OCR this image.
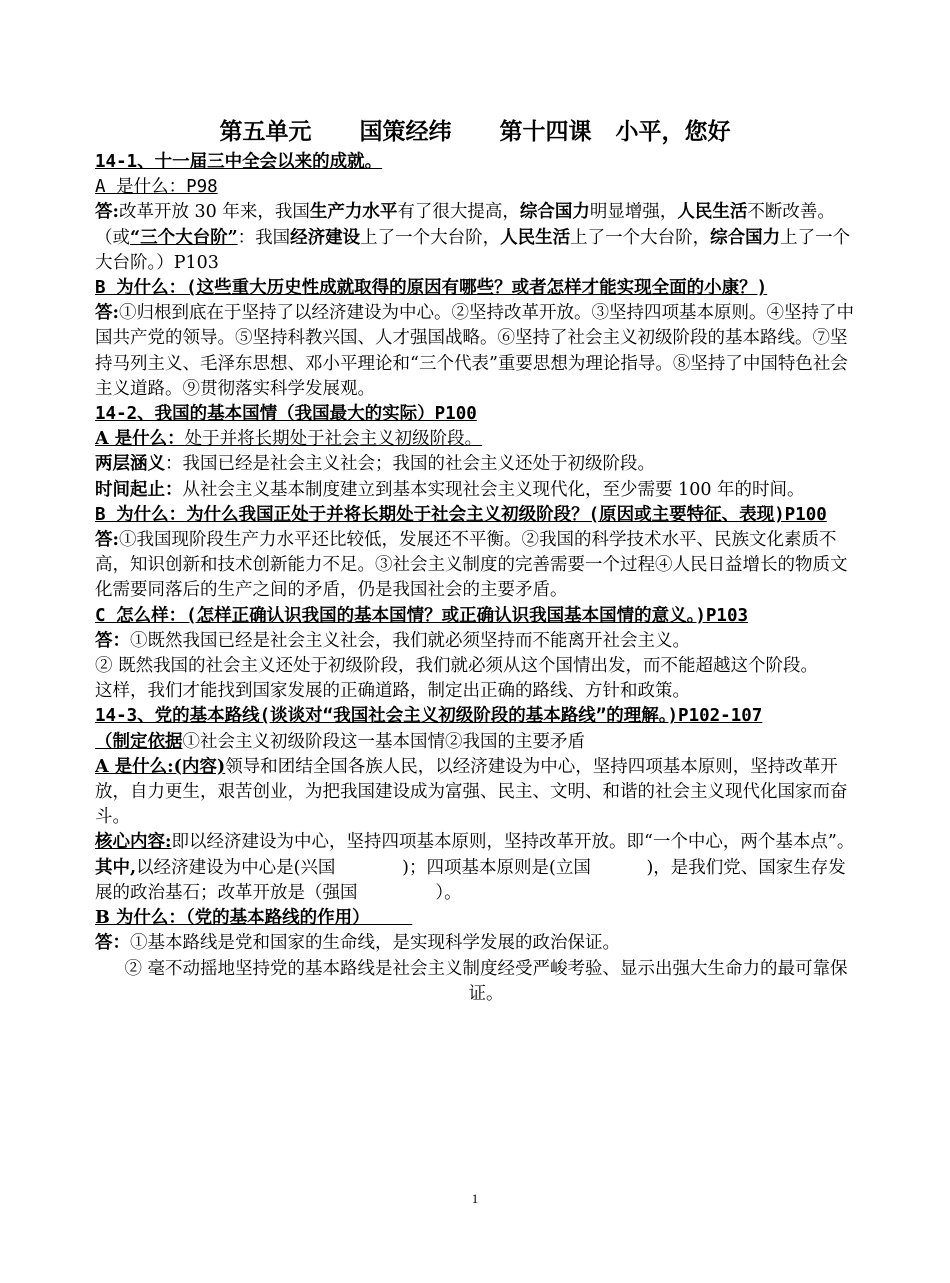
第五单元      国策经纬      第十四课   小平，您好

14-1、十一届三中全会以来的成就。

A 是什么：P98

答:改革开放 30 年来，我国生产力水平有了很大提高，综合国力明显增强，人民生活不断改善。

（或“三个大台阶”：我国经济建设上了一个大台阶，人民生活上了一个大台阶，综合国力上了一个大台阶。）P103

B 为什么：(这些重大历史性成就取得的原因有哪些？或者怎样才能实现全面的小康？)

答:①归根到底在于坚持了以经济建设为中心。②坚持改革开放。③坚持四项基本原则。④坚持了中国共产党的领导。⑤坚持科教兴国、人才强国战略。⑥坚持了社会主义初级阶段的基本路线。⑦坚持马列主义、毛泽东思想、邓小平理论和“三个代表”重要思想为理论指导。⑧坚持了中国特色社会主义道路。⑨贯彻落实科学发展观。

14-2、我国的基本国情（我国最大的实际）P100

A 是什么：处于并将长期处于社会主义初级阶段。

两层涵义：我国已经是社会主义社会；我国的社会主义还处于初级阶段。

时间起止：从社会主义基本制度建立到基本实现社会主义现代化，至少需要 100 年的时间。

B 为什么：为什么我国正处于并将长期处于社会主义初级阶段？(原因或主要特征、表现)P100

答:①我国现阶段生产力水平还比较低，发展还不平衡。②我国的科学技术水平、民族文化素质不高，知识创新和技术创新能力不足。③社会主义制度的完善需要一个过程④人民日益增长的物质文化需要同落后的生产之间的矛盾，仍是我国社会的主要矛盾。

C 怎么样：(怎样正确认识我国的基本国情？或正确认识我国基本国情的意义。)P103

答：①既然我国已经是社会主义社会，我们就必须坚持而不能离开社会主义。

② 既然我国的社会主义还处于初级阶段，我们就必须从这个国情出发，而不能超越这个阶段。

这样，我们才能找到国家发展的正确道路，制定出正确的路线、方针和政策。

14-3、党的基本路线(谈谈对“我国社会主义初级阶段的基本路线”的理解。)P102-107

（制定依据①社会主义初级阶段这一基本国情②我国的主要矛盾

A 是什么:(内容)领导和团结全国各族人民，以经济建设为中心，坚持四项基本原则，坚持改革开放，自力更生，艰苦创业，为把我国建设成为富强、民主、文明、和谐的社会主义现代化国家而奋斗。

核心内容:即以经济建设为中心，坚持四项基本原则，坚持改革开放。即“一个中心，两个基本点”。

其中,以经济建设为中心是(兴国            )；四项基本原则是(立国          )，是我们党、国家生存发展的政治基石；改革开放是（强国              ）。

B 为什么：（党的基本路线的作用）

答：①基本路线是党和国家的生命线，是实现科学发展的政治保证。

② 毫不动摇地坚持党的基本路线是社会主义制度经受严峻考验、显示出强大生命力的最可靠保证。

1
